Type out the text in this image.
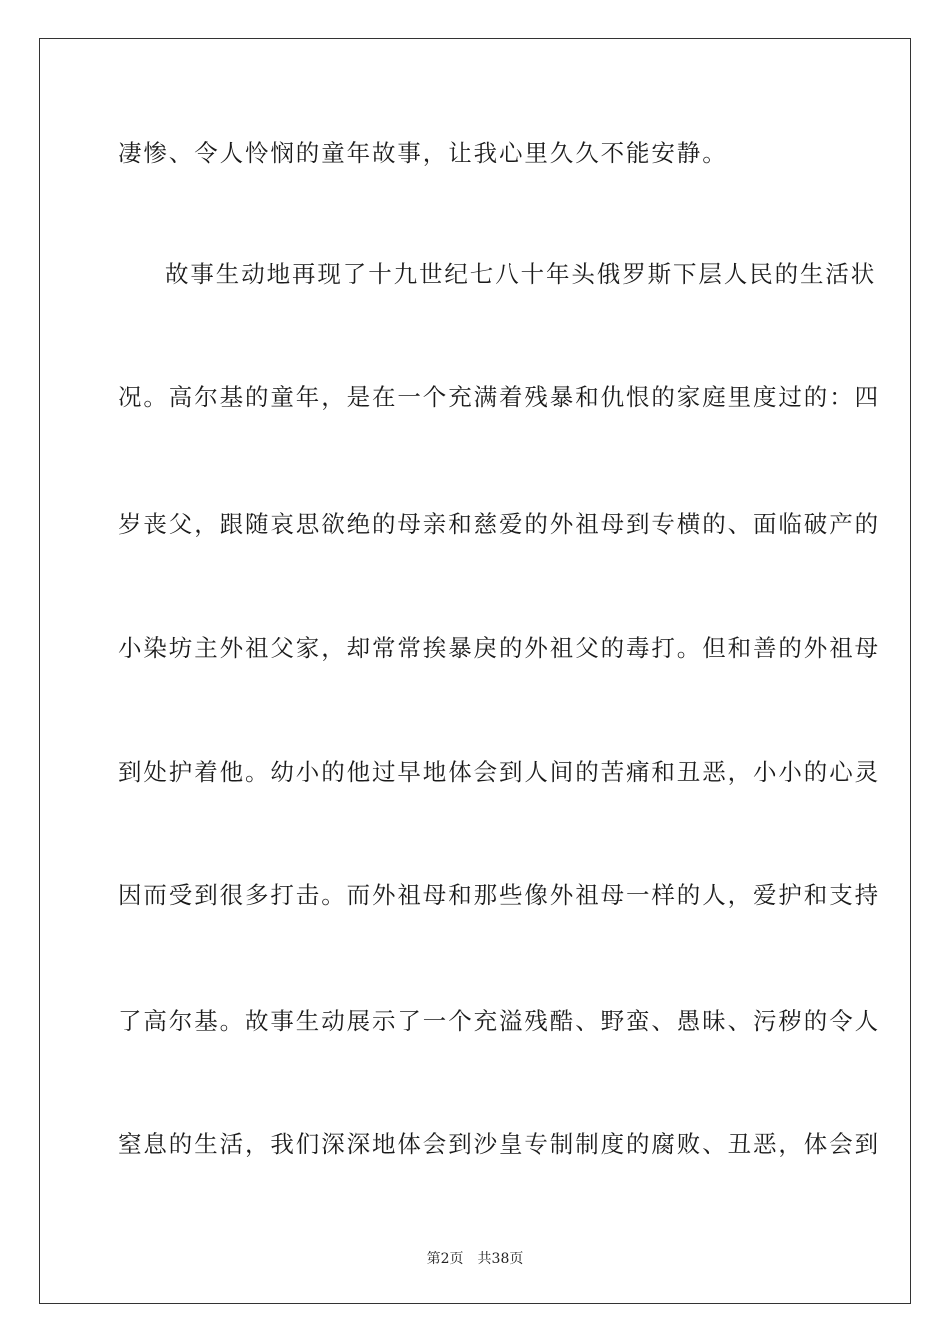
凄惨、令人怜悯的童年故事，让我心里久久不能安静。

故事生动地再现了十九世纪七八十年头俄罗斯下层人民的生活状

况。高尔基的童年，是在一个充满着残暴和仇恨的家庭里度过的：四

岁丧父，跟随哀思欲绝的母亲和慈爱的外祖母到专横的、面临破产的

小染坊主外祖父家，却常常挨暴戾的外祖父的毒打。但和善的外祖母

到处护着他。幼小的他过早地体会到人间的苦痛和丑恶，小小的心灵

因而受到很多打击。而外祖母和那些像外祖母一样的人，爱护和支持

了高尔基。故事生动展示了一个充溢残酷、野蛮、愚昧、污秽的令人

窒息的生活，我们深深地体会到沙皇专制制度的腐败、丑恶，体会到

第2页 共38页
